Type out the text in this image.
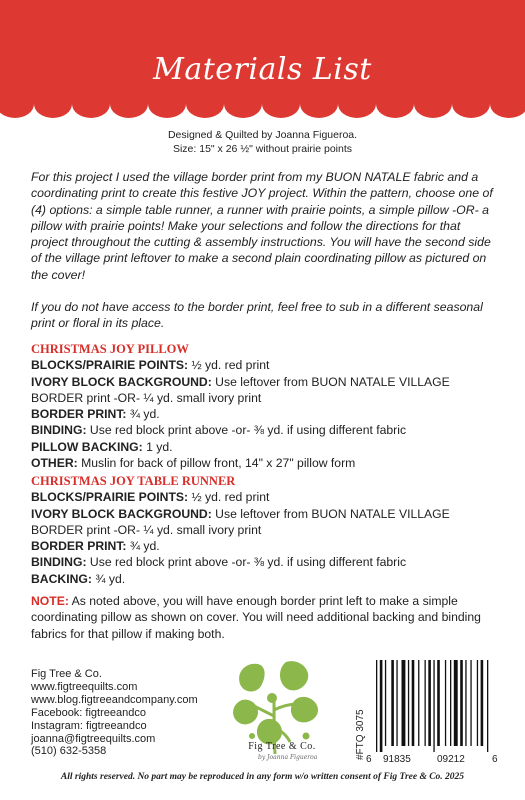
Materials List
Designed & Quilted by Joanna Figueroa.
Size: 15" x 26 ½" without prairie points

For this project I used the village border print from my BUON NATALE fabric and a coordinating print to create this festive JOY project. Within the pattern, choose one of (4) options: a simple table runner, a runner with prairie points, a simple pillow -OR- a pillow with prairie points! Make your selections and follow the directions for that project throughout the cutting & assembly instructions. You will have the second side of the village print leftover to make a second plain coordinating pillow as pictured on the cover!

If you do not have access to the border print, feel free to sub in a different seasonal print or floral in its place.

CHRISTMAS JOY PILLOW
BLOCKS/PRAIRIE POINTS: ½ yd. red print
IVORY BLOCK BACKGROUND: Use leftover from BUON NATALE VILLAGE BORDER print -OR- ¼ yd. small ivory print
BORDER PRINT: ¾ yd.
BINDING: Use red block print above -or- ⅜ yd. if using different fabric
PILLOW BACKING: 1 yd.
OTHER: Muslin for back of pillow front, 14" x 27" pillow form
CHRISTMAS JOY TABLE RUNNER
BLOCKS/PRAIRIE POINTS: ½ yd. red print
IVORY BLOCK BACKGROUND: Use leftover from BUON NATALE VILLAGE BORDER print -OR- ¼ yd. small ivory print
BORDER PRINT: ¾ yd.
BINDING: Use red block print above -or- ⅜ yd. if using different fabric
BACKING: ¾ yd.
NOTE: As noted above, you will have enough border print left to make a simple coordinating pillow as shown on cover. You will need additional backing and binding fabrics for that pillow if making both.
Fig Tree & Co.
www.figtreequilts.com
www.blog.figtreeandcompany.com
Facebook: figtreeandco
Instagram: figtreeandco
joanna@figtreequilts.com
(510) 632-5358	Fig Tree & Co.
by Joanna Figueroa	#FTQ 3075 6 91835	09212	6
All rights reserved. No part may be reproduced in any form w/o written consent of Fig Tree & Co. 2025
